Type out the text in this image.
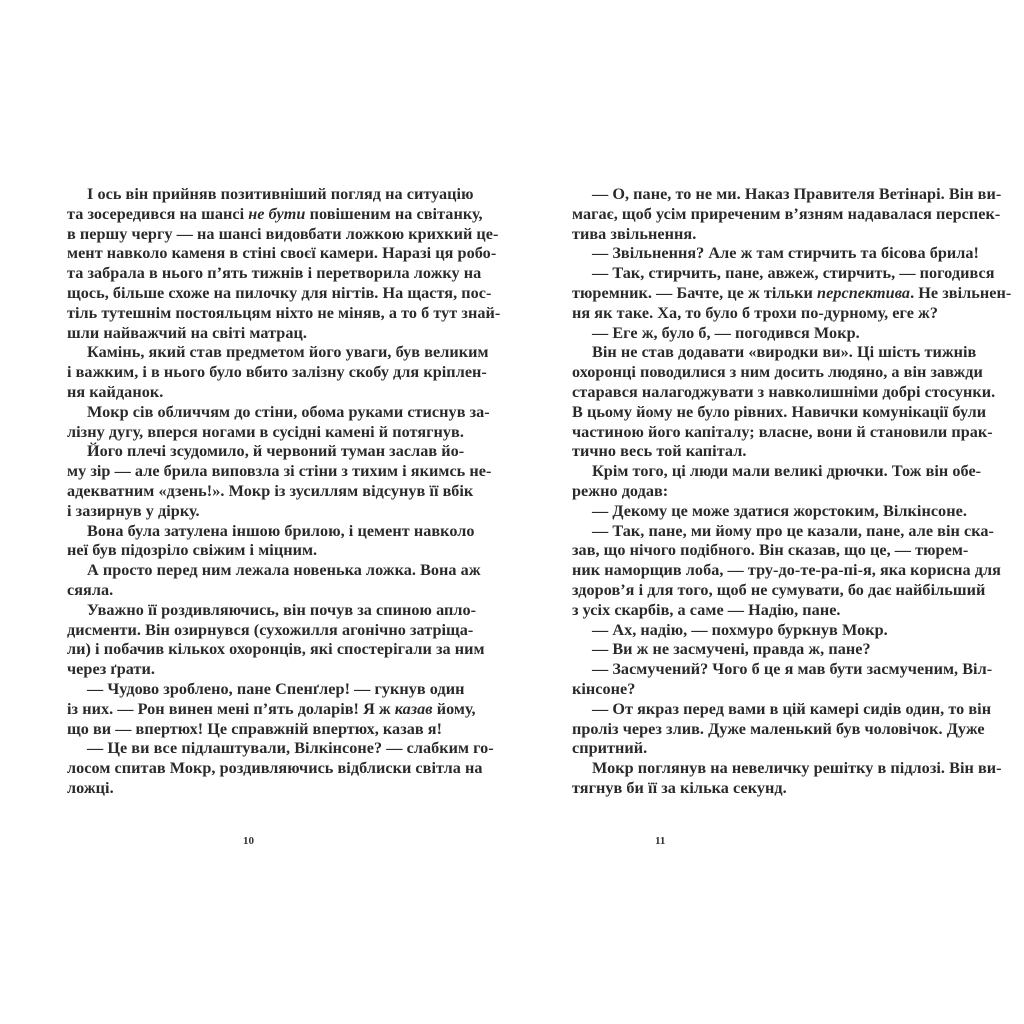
І ось він прийняв позитивніший погляд на ситуацію
та зосередився на шансі не бути повішеним на світанку,
в першу чергу — на шансі видовбати ложкою крихкий це-
мент навколо каменя в стіні своєї камери. Наразі ця робо-
та забрала в нього п’ять тижнів і перетворила ложку на
щось, більше схоже на пилочку для нігтів. На щастя, пос-
тіль тутешнім постояльцям ніхто не міняв, а то б тут знай-
шли найважчий на світі матрац.
Камінь, який став предметом його уваги, був великим
і важким, і в нього було вбито залізну скобу для кріплен-
ня кайданок.
Мокр сів обличчям до стіни, обома руками стиснув за-
лізну дугу, вперся ногами в сусідні камені й потягнув.
Його плечі зсудомило, й червоний туман заслав йо-
му зір — але брила виповзла зі стіни з тихим і якимсь не-
адекватним «дзень!». Мокр із зусиллям відсунув її вбік
і зазирнув у дірку.
Вона була затулена іншою брилою, і цемент навколо
неї був підозріло свіжим і міцним.
А просто перед ним лежала новенька ложка. Вона аж
сяяла.
Уважно її роздивляючись, він почув за спиною апло-
дисменти. Він озирнувся (сухожилля агонічно затріща-
ли) і побачив кількох охоронців, які спостерігали за ним
через ґрати.
— Чудово зроблено, пане Спенґлер! — гукнув один
із них. — Рон винен мені п’ять доларів! Я ж казав йому,
що ви — впертюх! Це справжній впертюх, казав я!
— Це ви все підлаштували, Вілкінсоне? — слабким го-
лосом спитав Мокр, роздивляючись відблиски світла на
ложці.
10
— О, пане, то не ми. Наказ Правителя Ветінарі. Він ви-
магає, щоб усім приреченим в’язням надавалася перспек-
тива звільнення.
— Звільнення? Але ж там стирчить та бісова брила!
— Так, стирчить, пане, авжеж, стирчить, — погодився
тюремник. — Бачте, це ж тільки перспектива. Не звільнен-
ня як таке. Ха, то було б трохи по-дурному, еге ж?
— Еге ж, було б, — погодився Мокр.
Він не став додавати «виродки ви». Ці шість тижнів
охоронці поводилися з ним досить людяно, а він завжди
старався налагоджувати з навколишніми добрі стосунки.
В цьому йому не було рівних. Навички комунікації були
частиною його капіталу; власне, вони й становили прак-
тично весь той капітал.
Крім того, ці люди мали великі дрючки. Тож він обе-
режно додав:
— Декому це може здатися жорстоким, Вілкінсоне.
— Так, пане, ми йому про це казали, пане, але він ска-
зав, що нічого подібного. Він сказав, що це, — тюрем-
ник наморщив лоба, — тру-до-те-ра-пі-я, яка корисна для
здоров’я і для того, щоб не сумувати, бо дає найбільший
з усіх скарбів, а саме — Надію, пане.
— Ах, надію, — похмуро буркнув Мокр.
— Ви ж не засмучені, правда ж, пане?
— Засмучений? Чого б це я мав бути засмученим, Віл-
кінсоне?
— От якраз перед вами в цій камері сидів один, то він
проліз через злив. Дуже маленький був чоловічок. Дуже
спритний.
Мокр поглянув на невеличку решітку в підлозі. Він ви-
тягнув би її за кілька секунд.
11
